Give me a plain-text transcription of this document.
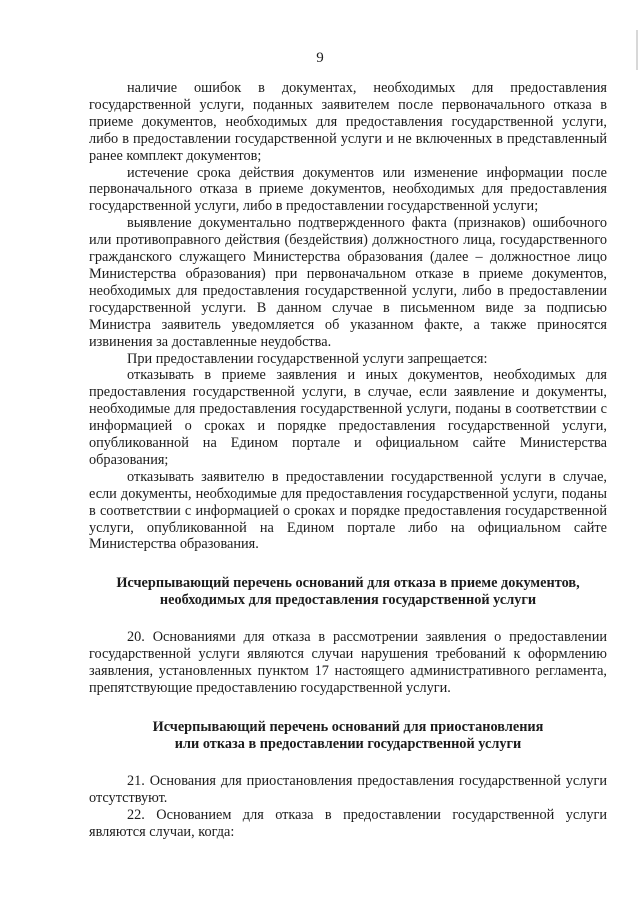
9

наличие ошибок в документах, необходимых для предоставления государственной услуги, поданных заявителем после первоначального отказа в приеме документов, необходимых для предоставления государственной услуги, либо в предоставлении государственной услуги и не включенных в представленный ранее комплект документов;

истечение срока действия документов или изменение информации после первоначального отказа в приеме документов, необходимых для предоставления государственной услуги, либо в предоставлении государственной услуги;

выявление документально подтвержденного факта (признаков) ошибочного или противоправного действия (бездействия) должностного лица, государственного гражданского служащего Министерства образования (далее – должностное лицо Министерства образования) при первоначальном отказе в приеме документов, необходимых для предоставления государственной услуги, либо в предоставлении государственной услуги. В данном случае в письменном виде за подписью Министра заявитель уведомляется об указанном факте, а также приносятся извинения за доставленные неудобства.

При предоставлении государственной услуги запрещается:

отказывать в приеме заявления и иных документов, необходимых для предоставления государственной услуги, в случае, если заявление и документы, необходимые для предоставления государственной услуги, поданы в соответствии с информацией о сроках и порядке предоставления государственной услуги, опубликованной на Едином портале и официальном сайте Министерства образования;

отказывать заявителю в предоставлении государственной услуги в случае, если документы, необходимые для предоставления государственной услуги, поданы в соответствии с информацией о сроках и порядке предоставления государственной услуги, опубликованной на Едином портале либо на официальном сайте Министерства образования.

Исчерпывающий перечень оснований для отказа в приеме документов,
необходимых для предоставления государственной услуги

20. Основаниями для отказа в рассмотрении заявления о предоставлении государственной услуги являются случаи нарушения требований к оформлению заявления, установленных пунктом 17 настоящего административного регламента, препятствующие предоставлению государственной услуги.

Исчерпывающий перечень оснований для приостановления
или отказа в предоставлении государственной услуги

21. Основания для приостановления предоставления государственной услуги отсутствуют.

22. Основанием для отказа в предоставлении государственной услуги являются случаи, когда:
